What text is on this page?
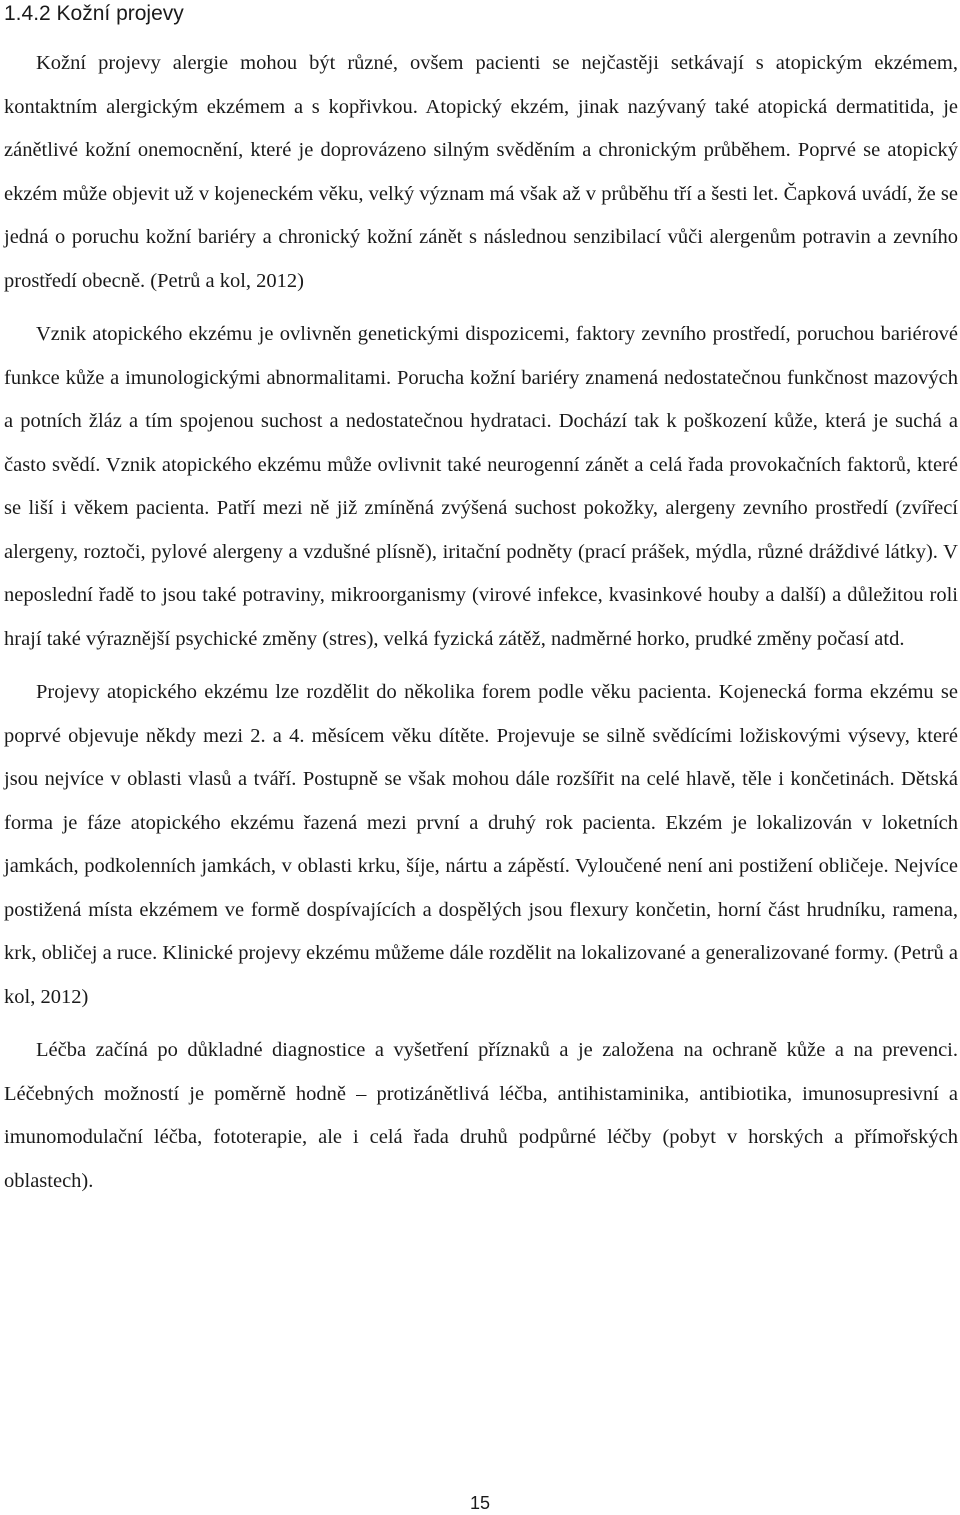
1.4.2 Kožní projevy

Kožní projevy alergie mohou být různé, ovšem pacienti se nejčastěji setkávají s atopickým ekzémem, kontaktním alergickým ekzémem a s kopřivkou. Atopický ekzém, jinak nazývaný také atopická dermatitida, je zánětlivé kožní onemocnění, které je doprovázeno silným svěděním a chronickým průběhem. Poprvé se atopický ekzém může objevit už v kojeneckém věku, velký význam má však až v průběhu tří a šesti let. Čapková uvádí, že se jedná o poruchu kožní bariéry a chronický kožní zánět s následnou senzibilací vůči alergenům potravin a zevního prostředí obecně. (Petrů a kol, 2012)

Vznik atopického ekzému je ovlivněn genetickými dispozicemi, faktory zevního prostředí, poruchou bariérové funkce kůže a imunologickými abnormalitami. Porucha kožní bariéry znamená nedostatečnou funkčnost mazových a potních žláz a tím spojenou suchost a nedostatečnou hydrataci. Dochází tak k poškození kůže, která je suchá a často svědí. Vznik atopického ekzému může ovlivnit také neurogenní zánět a celá řada provokačních faktorů, které se liší i věkem pacienta. Patří mezi ně již zmíněná zvýšená suchost pokožky, alergeny zevního prostředí (zvířecí alergeny, roztoči, pylové alergeny a vzdušné plísně), iritační podněty (prací prášek, mýdla, různé dráždivé látky). V neposlední řadě to jsou také potraviny, mikroorganismy (virové infekce, kvasinkové houby a další) a důležitou roli hrají také výraznější psychické změny (stres), velká fyzická zátěž, nadměrné horko, prudké změny počasí atd.

Projevy atopického ekzému lze rozdělit do několika forem podle věku pacienta. Kojenecká forma ekzému se poprvé objevuje někdy mezi 2. a 4. měsícem věku dítěte. Projevuje se silně svědícími ložiskovými výsevy, které jsou nejvíce v oblasti vlasů a tváří. Postupně se však mohou dále rozšířit na celé hlavě, těle i končetinách. Dětská forma je fáze atopického ekzému řazená mezi první a druhý rok pacienta. Ekzém je lokalizován v loketních jamkách, podkolenních jamkách, v oblasti krku, šíje, nártu a zápěstí. Vyloučené není ani postižení obličeje. Nejvíce postižená místa ekzémem ve formě dospívajících a dospělých jsou flexury končetin, horní část hrudníku, ramena, krk, obličej a ruce. Klinické projevy ekzému můžeme dále rozdělit na lokalizované a generalizované formy. (Petrů a kol, 2012)

Léčba začíná po důkladné diagnostice a vyšetření příznaků a je založena na ochraně kůže a na prevenci. Léčebných možností je poměrně hodně – protizánětlivá léčba, antihistaminika, antibiotika, imunosupresivní a imunomodulační léčba, fototerapie, ale i celá řada druhů podpůrné léčby (pobyt v horských a přímořských oblastech).

15
